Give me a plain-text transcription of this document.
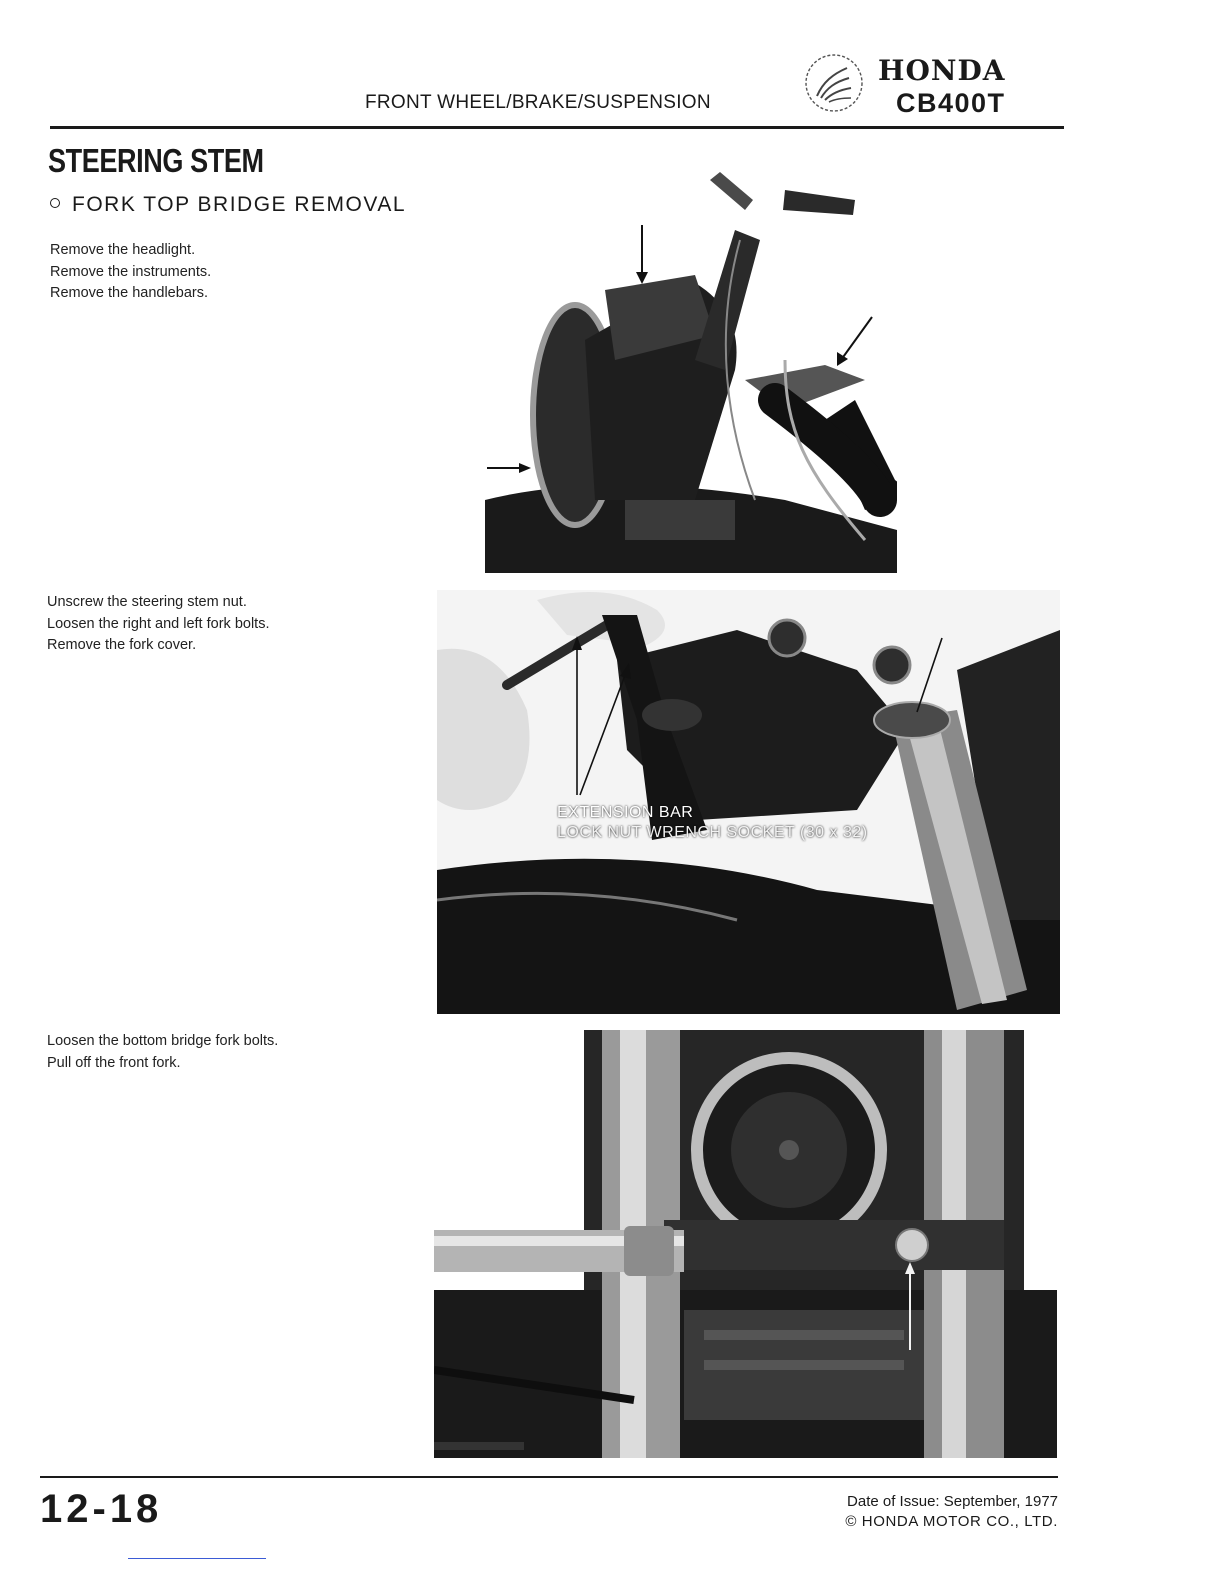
FRONT WHEEL/BRAKE/SUSPENSION
HONDA
CB400T
STEERING STEM
FORK TOP BRIDGE REMOVAL
Remove the headlight.
Remove the instruments.
Remove the handlebars.
Unscrew the steering stem nut.
Loosen the right and left fork bolts.
Remove the fork cover.
EXTENSION BAR
LOCK NUT WRENCH SOCKET (30 x 32)
Loosen the bottom bridge fork bolts.
Pull off the front fork.
12-18	Date of Issue: September, 1977
© HONDA MOTOR CO., LTD.
